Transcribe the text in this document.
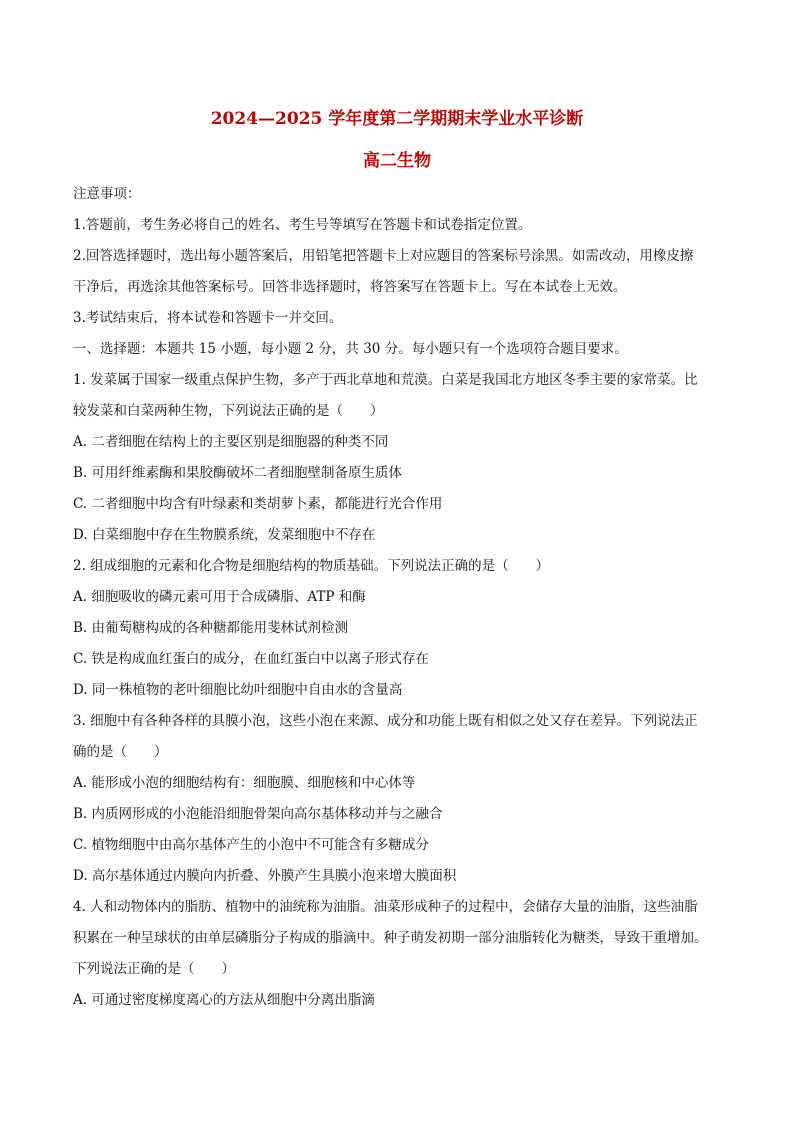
2024—2025 学年度第二学期期末学业水平诊断
高二生物
注意事项：
1.答题前，考生务必将自己的姓名、考生号等填写在答题卡和试卷指定位置。
2.回答选择题时，选出每小题答案后，用铅笔把答题卡上对应题目的答案标号涂黑。如需改动，用橡皮擦
干净后，再选涂其他答案标号。回答非选择题时，将答案写在答题卡上。写在本试卷上无效。
3.考试结束后，将本试卷和答题卡一并交回。
一、选择题：本题共 15 小题，每小题 2 分，共 30 分。每小题只有一个选项符合题目要求。
1. 发菜属于国家一级重点保护生物，多产于西北草地和荒漠。白菜是我国北方地区冬季主要的家常菜。比
较发菜和白菜两种生物，下列说法正确的是（　　）
A. 二者细胞在结构上的主要区别是细胞器的种类不同
B. 可用纤维素酶和果胶酶破坏二者细胞壁制备原生质体
C. 二者细胞中均含有叶绿素和类胡萝卜素，都能进行光合作用
D. 白菜细胞中存在生物膜系统，发菜细胞中不存在
2. 组成细胞的元素和化合物是细胞结构的物质基础。下列说法正确的是（　　）
A. 细胞吸收的磷元素可用于合成磷脂、ATP 和酶
B. 由葡萄糖构成的各种糖都能用斐林试剂检测
C. 铁是构成血红蛋白的成分，在血红蛋白中以离子形式存在
D. 同一株植物的老叶细胞比幼叶细胞中自由水的含量高
3. 细胞中有各种各样的具膜小泡，这些小泡在来源、成分和功能上既有相似之处又存在差异。下列说法正
确的是（　　）
A. 能形成小泡的细胞结构有：细胞膜、细胞核和中心体等
B. 内质网形成的小泡能沿细胞骨架向高尔基体移动并与之融合
C. 植物细胞中由高尔基体产生的小泡中不可能含有多糖成分
D. 高尔基体通过内膜向内折叠、外膜产生具膜小泡来增大膜面积
4. 人和动物体内的脂肪、植物中的油统称为油脂。油菜形成种子的过程中，会储存大量的油脂，这些油脂
积累在一种呈球状的由单层磷脂分子构成的脂滴中。种子萌发初期一部分油脂转化为糖类，导致干重增加。
下列说法正确的是（　　）
A. 可通过密度梯度离心的方法从细胞中分离出脂滴
